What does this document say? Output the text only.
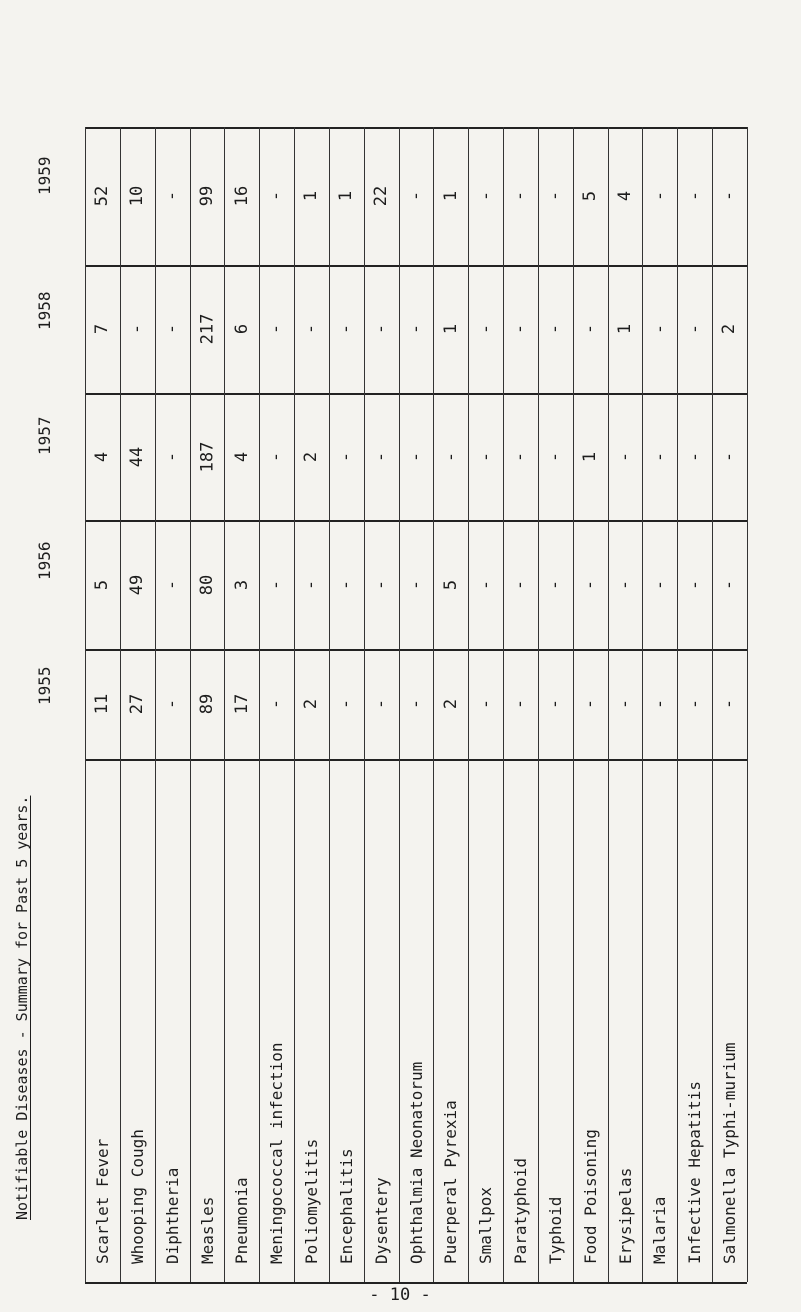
Notifiable Diseases - Summary for Past 5 years.
1955
1956
1957
1958
1959
11
5
4
7
52
Scarlet Fever
27
49
44
-
10
Whooping Cough
-
-
-
-
-
Diphtheria
89
80
187
217
99
Measles
17
3
4
6
16
Pneumonia
-
-
-
-
-
Meningococcal infection
2
-
2
-
1
Poliomyelitis
-
-
-
-
1
Encephalitis
-
-
-
-
22
Dysentery
-
-
-
-
-
Ophthalmia Neonatorum
2
5
-
1
1
Puerperal Pyrexia
-
-
-
-
-
Smallpox
-
-
-
-
-
Paratyphoid
-
-
-
-
-
Typhoid
-
-
1
-
5
Food Poisoning
-
-
-
1
4
Erysipelas
-
-
-
-
-
Malaria
-
-
-
-
-
Infective Hepatitis
-
-
-
2
-
Salmonella Typhi-murium
- 10 -
